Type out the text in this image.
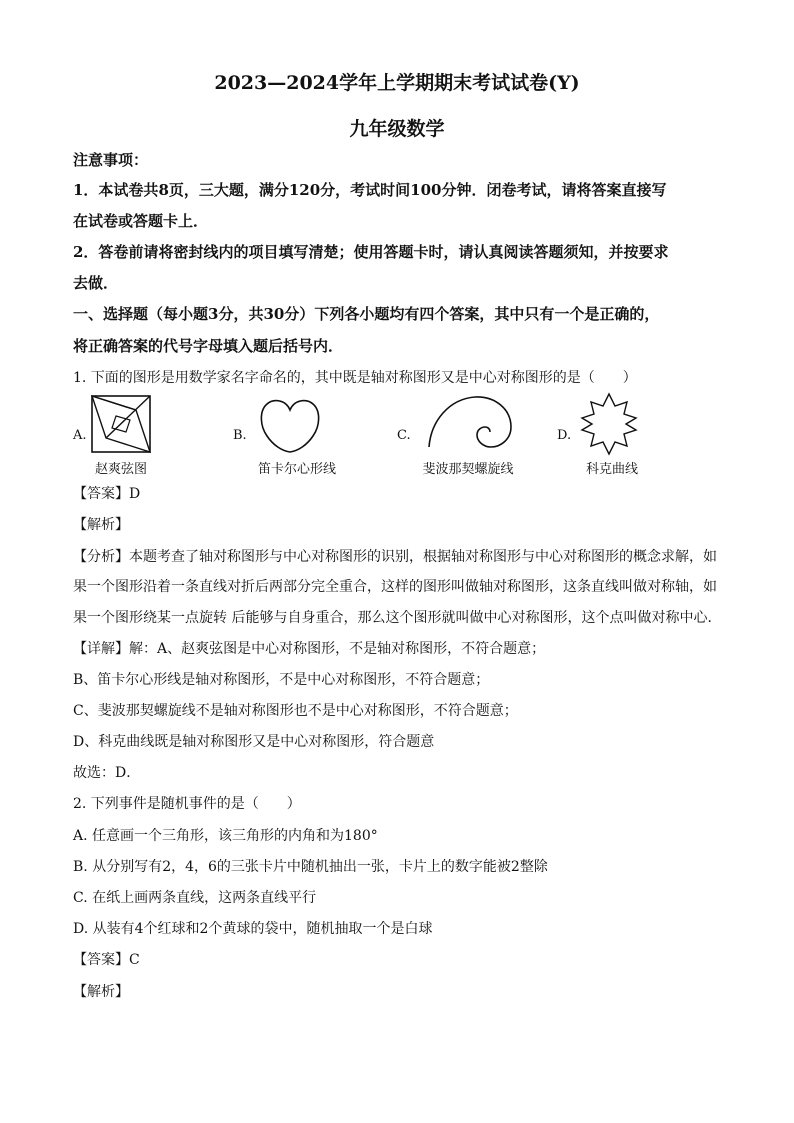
2023—2024学年上学期期末考试试卷(Y)
九年级数学
注意事项：
1．本试卷共8页，三大题，满分120分，考试时间100分钟．闭卷考试，请将答案直接写
在试卷或答题卡上．
2．答卷前请将密封线内的项目填写清楚；使用答题卡时，请认真阅读答题须知，并按要求
去做．
一、选择题（每小题3分，共30分）下列各小题均有四个答案，其中只有一个是正确的，
将正确答案的代号字母填入题后括号内．
1. 下面的图形是用数学家名字命名的，其中既是轴对称图形又是中心对称图形的是（　　）
A.
赵爽弦图
B.
笛卡尔心形线
C.
斐波那契螺旋线
D.
科克曲线
【答案】D
【解析】
【分析】本题考查了轴对称图形与中心对称图形的识别，根据轴对称图形与中心对称图形的概念求解，如
果一个图形沿着一条直线对折后两部分完全重合，这样的图形叫做轴对称图形，这条直线叫做对称轴，如
果一个图形绕某一点旋转 后能够与自身重合，那么这个图形就叫做中心对称图形，这个点叫做对称中心．
【详解】解：A、赵爽弦图是中心对称图形，不是轴对称图形，不符合题意；
B、笛卡尔心形线是轴对称图形，不是中心对称图形，不符合题意；
C、斐波那契螺旋线不是轴对称图形也不是中心对称图形，不符合题意；
D、科克曲线既是轴对称图形又是中心对称图形，符合题意
故选：D．
2. 下列事件是随机事件的是（　　）
A. 任意画一个三角形，该三角形的内角和为180°
B. 从分别写有2，4，6的三张卡片中随机抽出一张，卡片上的数字能被2整除
C. 在纸上画两条直线，这两条直线平行
D. 从装有4个红球和2个黄球的袋中，随机抽取一个是白球
【答案】C
【解析】
